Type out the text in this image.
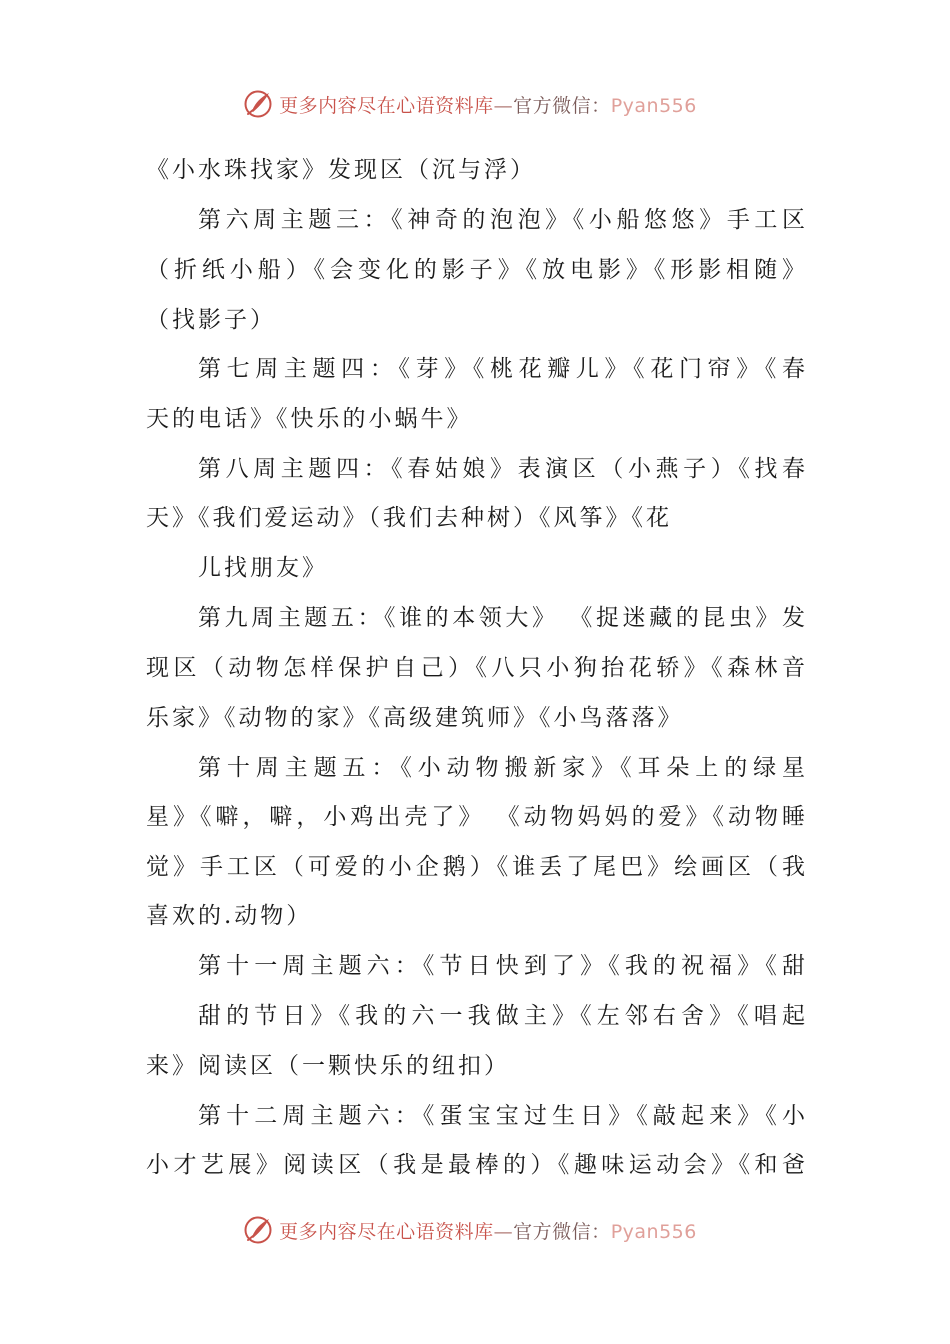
更多内容尽在心语资料库—官方微信：Pyan556
《小水珠找家》发现区（沉与浮）
第六周主题三：《神奇的泡泡》《小船悠悠》手工区
（折纸小船）《会变化的影子》《放电影》《形影相随》
（找影子）
第七周主题四：《芽》《桃花瓣儿》《花门帘》《春
天的电话》《快乐的小蜗牛》
第八周主题四：《春姑娘》表演区（小燕子）《找春
天》《我们爱运动》（我们去种树）《风筝》《花
儿找朋友》
第九周主题五：《谁的本领大》 《捉迷藏的昆虫》发
现区（动物怎样保护自己）《八只小狗抬花轿》《森林音
乐家》《动物的家》《高级建筑师》《小鸟落落》
第十周主题五：《小动物搬新家》《耳朵上的绿星
星》《噼，噼，小鸡出壳了》 《动物妈妈的爱》《动物睡
觉》手工区（可爱的小企鹅）《谁丢了尾巴》绘画区（我
喜欢的.动物）
第十一周主题六：《节日快到了》《我的祝福》《甜
甜的节日》《我的六一我做主》《左邻右舍》《唱起
来》阅读区（一颗快乐的纽扣）
第十二周主题六：《蛋宝宝过生日》《敲起来》《小
小才艺展》阅读区（我是最棒的）《趣味运动会》《和爸
更多内容尽在心语资料库—官方微信：Pyan556
